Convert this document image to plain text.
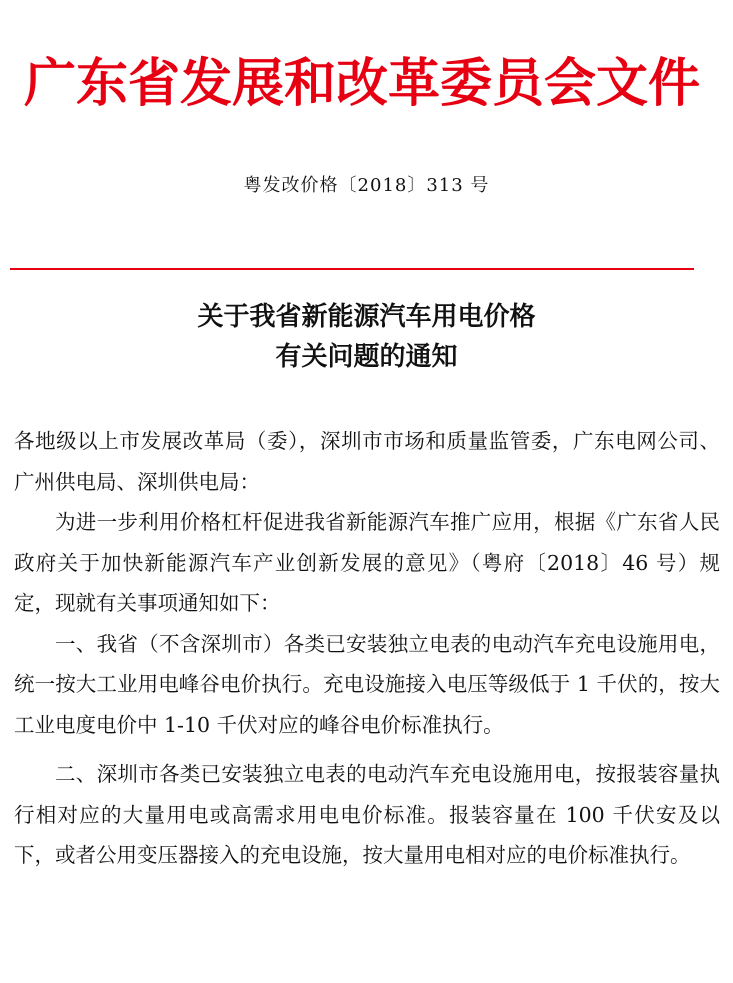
广东省发展和改革委员会文件
粤发改价格〔2018〕313 号
关于我省新能源汽车用电价格
有关问题的通知

各地级以上市发展改革局（委），深圳市市场和质量监管委，广东电网公司、广州供电局、深圳供电局：

为进一步利用价格杠杆促进我省新能源汽车推广应用，根据《广东省人民政府关于加快新能源汽车产业创新发展的意见》（粤府〔2018〕46 号）规定，现就有关事项通知如下：

一、我省（不含深圳市）各类已安装独立电表的电动汽车充电设施用电，统一按大工业用电峰谷电价执行。充电设施接入电压等级低于 1 千伏的，按大工业电度电价中 1-10 千伏对应的峰谷电价标准执行。

二、深圳市各类已安装独立电表的电动汽车充电设施用电，按报装容量执行相对应的大量用电或高需求用电电价标准。报装容量在 100 千伏安及以下，或者公用变压器接入的充电设施，按大量用电相对应的电价标准执行。
